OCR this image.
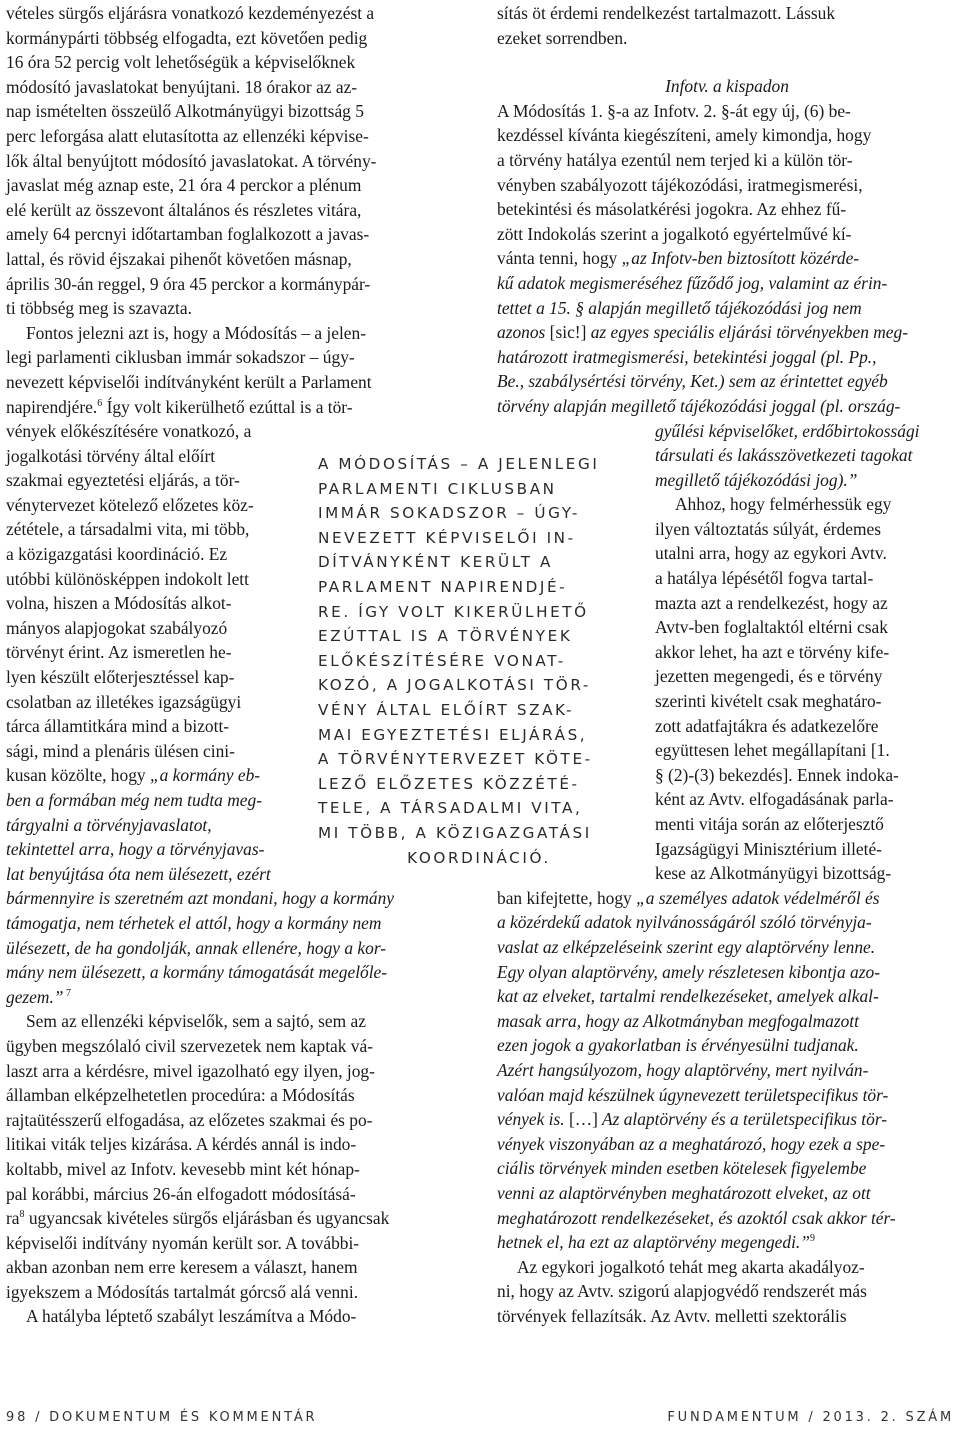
vételes sürgős eljárásra vonatkozó kezdeményezést a
kormánypárti többség elfogadta, ezt követően pedig
16 óra 52 percig volt lehetőségük a képviselőknek
módosító javaslatokat benyújtani. 18 órakor az az-
nap ismételten összeülő Alkotmányügyi bizottság 5
perc leforgása alatt elutasította az ellenzéki képvise-
lők által benyújtott módosító javaslatokat. A törvény-
javaslat még aznap este, 21 óra 4 perckor a plénum
elé került az összevont általános és részletes vitára,
amely 64 percnyi időtartamban foglalkozott a javas-
lattal, és rövid éjszakai pihenőt követően másnap,
április 30-án reggel, 9 óra 45 perckor a kormánypár-
ti többség meg is szavazta.

Fontos jelezni azt is, hogy a Módosítás – a jelen-
legi parlamenti ciklusban immár sokadszor – úgy-
nevezett képviselői indítványként került a Parlament
napirendjére.$^6$ Így volt kikerülhető ezúttal is a tör-

vények előkészítésére vonatkozó, a
jogalkotási törvény által előírt
szakmai egyeztetési eljárás, a tör-
vénytervezet kötelező előzetes köz-
zététele, a társadalmi vita, mi több,
a közigazgatási koordináció. Ez
utóbbi különösképpen indokolt lett
volna, hiszen a Módosítás alkot-
mányos alapjogokat szabályozó
törvényt érint. Az ismeretlen he-
lyen készült előterjesztéssel kap-
csolatban az illetékes igazságügyi
tárca államtitkára mind a bizott-
sági, mind a plenáris ülésen cini-

kusan közölte, hogy „a kormány eb-

ben a formában még nem tudta meg-
tárgyalni a törvényjavaslatot,
tekintettel arra, hogy a törvényjavas-
lat benyújtása óta nem ülésezett, ezért

bármennyire is szeretném azt mondani, hogy a kormány
támogatja, nem térhetek el attól, hogy a kormány nem
ülésezett, de ha gondolják, annak ellenére, hogy a kor-
mány nem ülésezett, a kormány támogatását megelőle-

gezem.” $^7$

Sem az ellenzéki képviselők, sem a sajtó, sem az
ügyben megszólaló civil szervezetek nem kaptak vá-
laszt arra a kérdésre, mivel igazolható egy ilyen, jog-
államban elképzelhetetlen procedúra: a Módosítás
rajtaütésszerű elfogadása, az előzetes szakmai és po-
litikai viták teljes kizárása. A kérdés annál is indo-
koltabb, mivel az Infotv. kevesebb mint két hónap-
pal korábbi, március 26-án elfogadott módosításá-

$ra^8$ ugyancsak kivételes sürgős eljárásban és ugyancsak

képviselői indítvány nyomán került sor. A további-
akban azonban nem erre keresem a választ, hanem
igyekszem a Módosítás tartalmát górcső alá venni.

A hatályba léptető szabályt leszámítva a Módo-

A MÓDOSÍTÁS – A JELENLEGI
PARLAMENTI CIKLUSBAN
IMMÁR SOKADSZOR – ÚGY-
NEVEZETT KÉPVISELŐI IN-
DÍTVÁNYKÉNT KERÜLT A
PARLAMENT NAPIRENDJÉ-
RE. ÍGY VOLT KIKERÜLHETŐ
EZÚTTAL IS A TÖRVÉNYEK
ELŐKÉSZÍTÉSÉRE VONAT-
KOZÓ, A JOGALKOTÁSI TÖR-
VÉNY ÁLTAL ELŐÍRT SZAK-
MAI EGYEZTETÉSI ELJÁRÁS,
A TÖRVÉNYTERVEZET KÖTE-
LEZŐ ELŐZETES KÖZZÉTÉ-
TELE, A TÁRSADALMI VITA,
MI TÖBB, A KÖZIGAZGATÁSI
KOORDINÁCIÓ.

sítás öt érdemi rendelkezést tartalmazott. Lássuk
ezeket sorrendben.

Infotv. a kispadon

A Módosítás 1. §-a az Infotv. 2. §-át egy új, (6) be-
kezdéssel kívánta kiegészíteni, amely kimondja, hogy
a törvény hatálya ezentúl nem terjed ki a külön tör-
vényben szabályozott tájékozódási, iratmegismerési,
betekintési és másolatkérési jogokra. Az ehhez fű-
zött Indokolás szerint a jogalkotó egyértelművé kí-

vánta tenni, hogy „az Infotv-ben biztosított közérde-

kű adatok megismeréséhez fűződő jog, valamint az érin-
tettet a 15. § alapján megillető tájékozódási jog nem

azonos [sic!] az egyes speciális eljárási törvényekben meg-

határozott iratmegismerési, betekintési joggal (pl. Pp.,
Be., szabálysértési törvény, Ket.) sem az érintettet egyéb
törvény alapján megillető tájékozódási joggal (pl. ország-

gyűlési képviselőket, erdőbirtokossági
társulati és lakásszövetkezeti tagokat
megillető tájékozódási jog).”

Ahhoz, hogy felmérhessük egy
ilyen változtatás súlyát, érdemes
utalni arra, hogy az egykori Avtv.
a hatálya lépésétől fogva tartal-
mazta azt a rendelkezést, hogy az
Avtv-ben foglaltaktól eltérni csak
akkor lehet, ha azt e törvény kife-
jezetten megengedi, és e törvény
szerinti kivételt csak meghatáro-
zott adatfajtákra és adatkezelőre
együttesen lehet megállapítani [1.
§ (2)-(3) bekezdés]. Ennek indoka-
ként az Avtv. elfogadásának parla-
menti vitája során az előterjesztő
Igazságügyi Minisztérium illeté-
kese az Alkotmányügyi bizottság-

ban kifejtette, hogy „a személyes adatok védelméről és

a közérdekű adatok nyilvánosságáról szóló törvényja-
vaslat az elképzeléseink szerint egy alaptörvény lenne.
Egy olyan alaptörvény, amely részletesen kibontja azo-
kat az elveket, tartalmi rendelkezéseket, amelyek alkal-
masak arra, hogy az Alkotmányban megfogalmazott
ezen jogok a gyakorlatban is érvényesülni tudjanak.
Azért hangsúlyozom, hogy alaptörvény, mert nyilván-
valóan majd készülnek úgynevezett területspecifikus tör-

vények is. […] Az alaptörvény és a területspecifikus tör-

vények viszonyában az a meghatározó, hogy ezek a spe-
ciális törvények minden esetben kötelesek figyelembe
venni az alaptörvényben meghatározott elveket, az ott
meghatározott rendelkezéseket, és azoktól csak akkor tér-

hetnek el, ha ezt az alaptörvény megengedi.”$^9$

Az egykori jogalkotó tehát meg akarta akadályoz-
ni, hogy az Avtv. szigorú alapjogvédő rendszerét más
törvények fellazítsák. Az Avtv. melletti szektorális

98 / DOKUMENTUM ÉS KOMMENTÁR	FUNDAMENTUM / 2013. 2. SZÁM
